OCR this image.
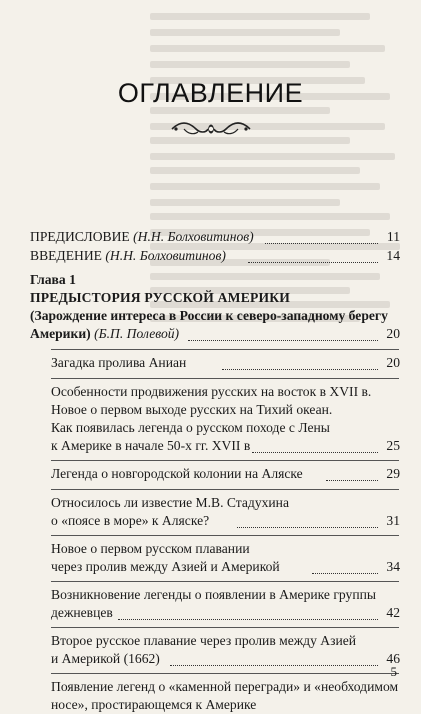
ОГЛАВЛЕНИЕ
ПРЕДИСЛОВИЕ (Н.Н. Болховитинов)	11
ВВЕДЕНИЕ (Н.Н. Болховитинов)	14
Глава 1
ПРЕДЫСТОРИЯ РУССКОЙ АМЕРИКИ
(Зарождение интереса в России к северо-западному берегу
Америки) (Б.П. Полевой)	20
Загадка пролива Аниан	20
Особенности продвижения русских на восток в XVII в.
Новое о первом выходе русских на Тихий океан.
Как появилась легенда о русском походе с Лены
к Америке в начале 50-х гг. XVII в	25
Легенда о новгородской колонии на Аляске	29
Относилось ли известие М.В. Стадухина
о «поясе в море» к Аляске?	31
Новое о первом русском плавании
через пролив между Азией и Америкой	34
Возникновение легенды о появлении в Америке группы
дежневцев	42
Второе русское плавание через пролив между Азией
и Америкой (1662)	46
Появление легенд о «каменной перегради» и «необходимом
носе», простирающемся к Америке
5
